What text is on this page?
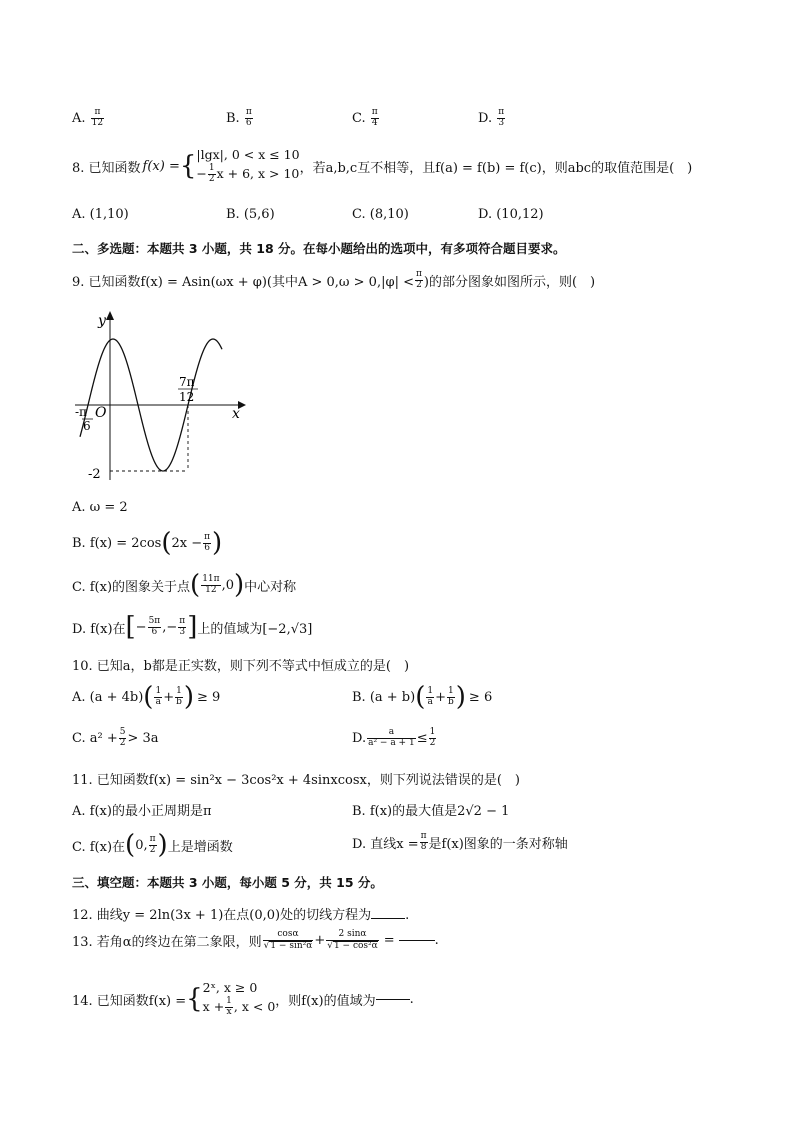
A. $\frac{\pi}{12}$	B. $\frac{\pi}{6}$	C. $\frac{\pi}{4}$	D. $\frac{\pi}{3}$
8. 已知函数 f(x) = { |lgx|, 0 < x ≤ 10
− $\frac{1}{2}$ x + 6, x > 10 ，若a,b,c互不相等，且f(a) = f(b) = f(c)，则abc的取值范围是(　)
A. (1,10)	B. (5,6)	C. (8,10)	D. (10,12)
二、多选题：本题共 3 小题，共 18 分。在每小题给出的选项中，有多项符合题目要求。
9. 已知函数f(x) = Asin(ωx + φ)(其中$A > 0,\omega > 0,|\varphi| < \frac{\pi}{2}$ )的部分图象如图所示，则(　)
y
x
O
-π
6
7π
12
-2
A. ω = 2
B. f(x) = 2cos ( $2x - \frac{\pi}{6}$ )
C. f(x)的图象关于点 ( $\frac{11\pi}{12} ,0$ ) 中心对称
D. f(x)在 [ − $\frac{5\pi}{6}$ ,− $\frac{\pi}{3}$ ] 上的值域为[−2,√3]
10. 已知a，b都是正实数，则下列不等式中恒成立的是(　)
A. (a + 4b) ( $\frac{1}{a} + \frac{1}{b}$ ) ≥ 9	B. (a + b) ( $\frac{1}{a} + \frac{1}{b}$ ) ≥ 6
C. $a^2 + \frac{5}{2} > 3a$	D. $\frac{a}{\text{a² − a + 1}} \le \frac{1}{2}$
11. 已知函数f(x) = sin²x − 3cos²x + 4sinxcosx，则下列说法错误的是(　)
A. f(x)的最小正周期是π	B. f(x)的最大值是2√2 − 1
C. f(x)在 ( 0, $\frac{\pi}{2}$ ) 上是增函数	D. 直线$x = \frac{\pi}{8}$ 是f(x)图象的一条对称轴
三、填空题：本题共 3 小题，每小题 5 分，共 15 分。
12. 曲线y = 2ln(3x + 1)在点(0,0)处的切线方程为	.
13. 若角α的终边在第二象限，则 $\frac{\cos\alpha}{\text{√1 − sin²α}} + \frac{2 \sin\alpha}{\text{√1 − cos²α}}$ =	.
14. 已知函数f(x) = { 2ˣ, x ≥ 0
$x + \frac{1}{x}$ , x < 0 ，则f(x)的值域为	.
